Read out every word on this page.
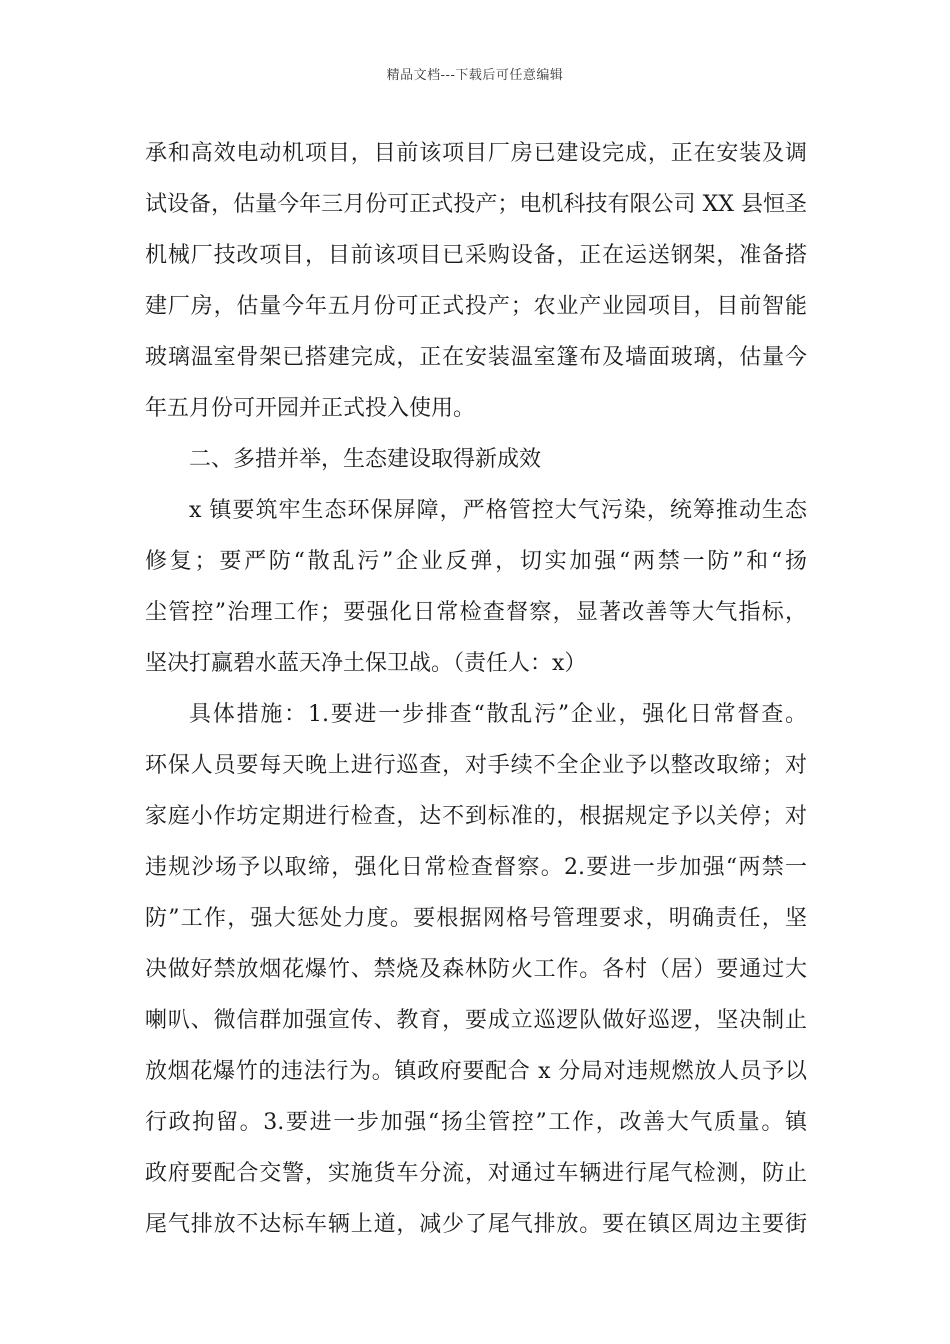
精品文档---下载后可任意编辑
承和高效电动机项目，目前该项目厂房已建设完成，正在安装及调
试设备，估量今年三月份可正式投产；电机科技有限公司 XX 县恒圣
机械厂技改项目，目前该项目已采购设备，正在运送钢架，准备搭
建厂房，估量今年五月份可正式投产；农业产业园项目，目前智能
玻璃温室骨架已搭建完成，正在安装温室篷布及墙面玻璃，估量今
年五月份可开园并正式投入使用。
二、多措并举，生态建设取得新成效
x 镇要筑牢生态环保屏障，严格管控大气污染，统筹推动生态
修复；要严防“散乱污”企业反弹，切实加强“两禁一防”和“扬
尘管控”治理工作；要强化日常检查督察，显著改善等大气指标，
坚决打赢碧水蓝天净土保卫战。（责任人：x）
具体措施：1.要进一步排查“散乱污”企业，强化日常督查。
环保人员要每天晚上进行巡查，对手续不全企业予以整改取缔；对
家庭小作坊定期进行检查，达不到标准的，根据规定予以关停；对
违规沙场予以取缔，强化日常检查督察。2.要进一步加强“两禁一
防”工作，强大惩处力度。要根据网格号管理要求，明确责任，坚
决做好禁放烟花爆竹、禁烧及森林防火工作。各村（居）要通过大
喇叭、微信群加强宣传、教育，要成立巡逻队做好巡逻，坚决制止
放烟花爆竹的违法行为。镇政府要配合 x 分局对违规燃放人员予以
行政拘留。3.要进一步加强“扬尘管控”工作，改善大气质量。镇
政府要配合交警，实施货车分流，对通过车辆进行尾气检测，防止
尾气排放不达标车辆上道，减少了尾气排放。要在镇区周边主要街
